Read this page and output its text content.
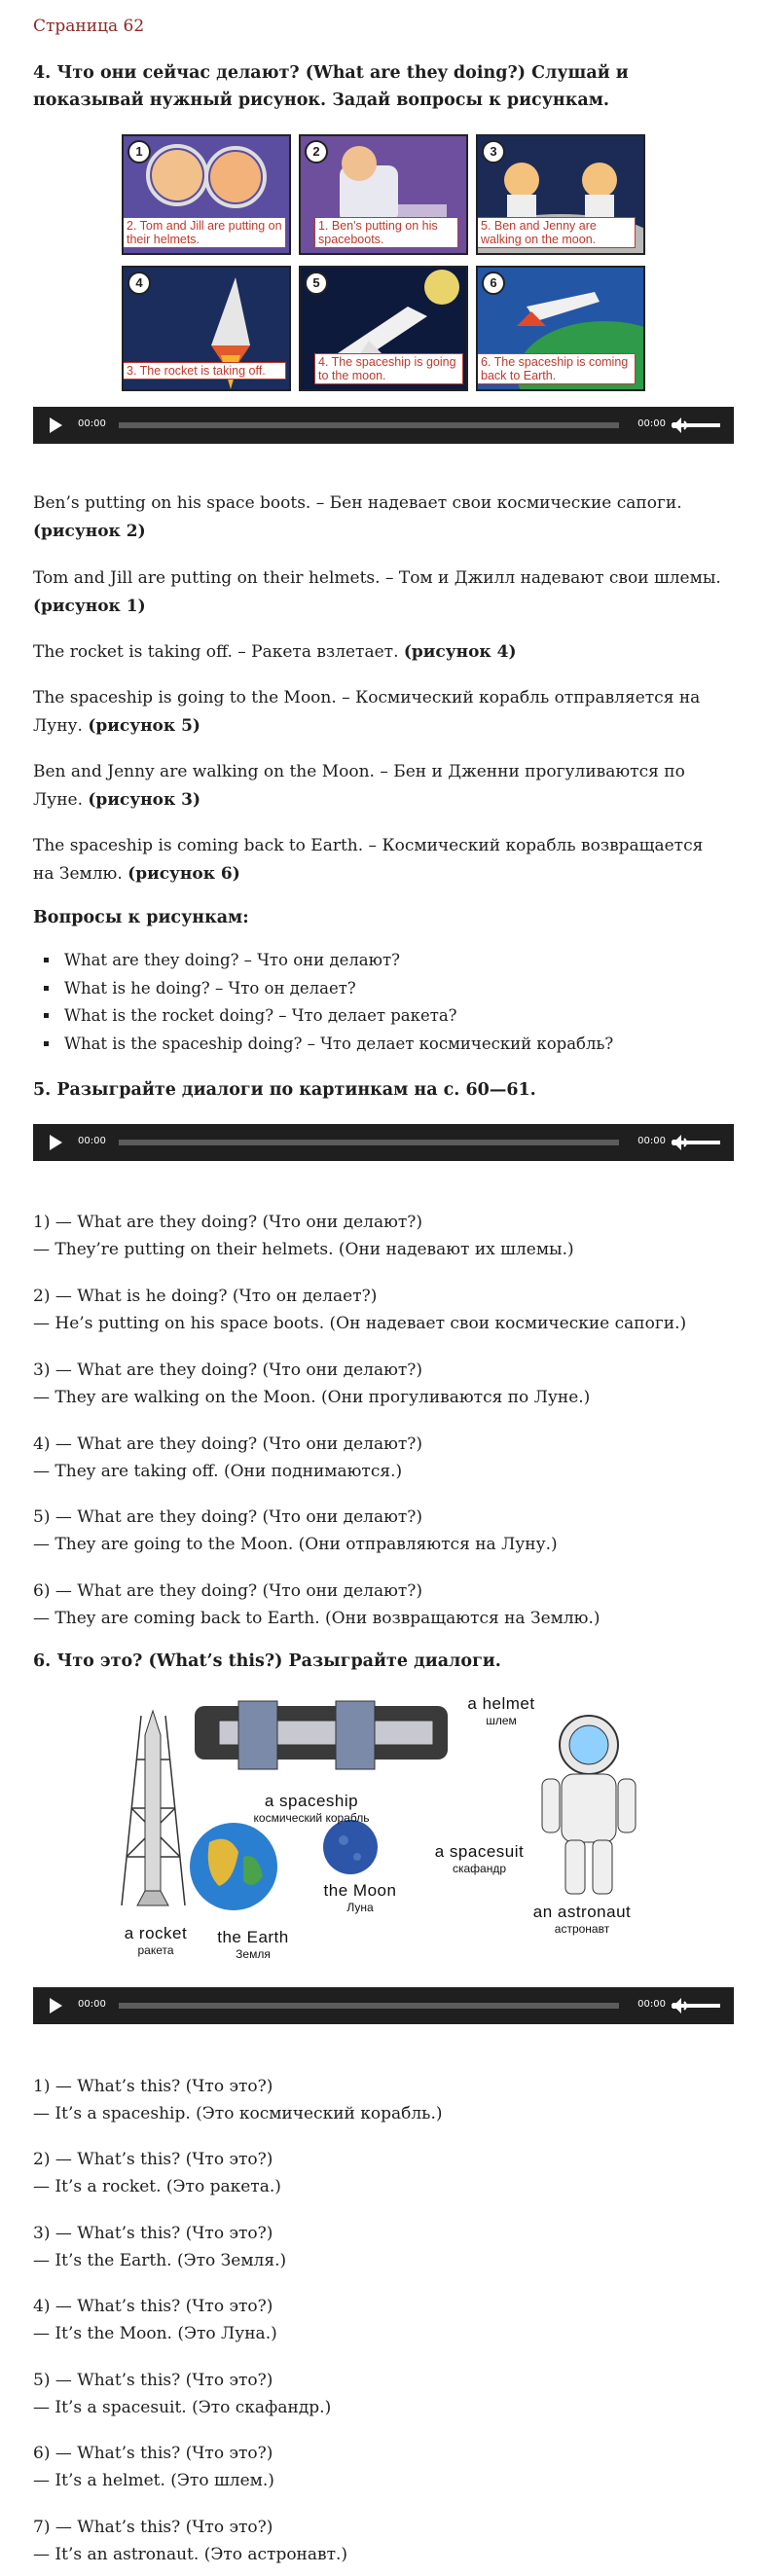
Страница 62
4. Что они сейчас делают? (What are they doing?) Слушай и показывай нужный рисунок. Задай вопросы к рисункам.
1
2. Tom and Jill are putting on their helmets.
2
1. Ben's putting on his spaceboots.
3
5. Ben and Jenny are walking on the moon.
4
3. The rocket is taking off.
5
4. The spaceship is going to the moon.
6
6. The spaceship is coming back to Earth.
00:00	00:00
Ben’s putting on his space boots. – Бен надевает свои космические сапоги. (рисунок 2)
Tom and Jill are putting on their helmets. – Том и Джилл надевают свои шлемы. (рисунок 1)
The rocket is taking off. – Ракета взлетает. (рисунок 4)
The spaceship is going to the Moon. – Космический корабль отправляется на Луну. (рисунок 5)
Ben and Jenny are walking on the Moon. – Бен и Дженни прогуливаются по Луне. (рисунок 3)
The spaceship is coming back to Earth. – Космический корабль возвращается на Землю. (рисунок 6)
Вопросы к рисункам:
▪ What are they doing? – Что они делают?
▪ What is he doing? – Что он делает?
▪ What is the rocket doing? – Что делает ракета?
▪ What is the spaceship doing? – Что делает космический корабль?
5. Разыграйте диалоги по картинкам на с. 60—61.
00:00	00:00
1) — What are they doing? (Что они делают?)
— They’re putting on their helmets. (Они надевают их шлемы.)
2) — What is he doing? (Что он делает?)
— He’s putting on his space boots. (Он надевает свои космические сапоги.)
3) — What are they doing? (Что они делают?)
— They are walking on the Moon. (Они прогуливаются по Луне.)
4) — What are they doing? (Что они делают?)
— They are taking off. (Они поднимаются.)
5) — What are they doing? (Что они делают?)
— They are going to the Moon. (Они отправляются на Луну.)
6) — What are they doing? (Что они делают?)
— They are coming back to Earth. (Они возвращаются на Землю.)
6. Что это? (What’s this?) Разыграйте диалоги.
a helmet
шлем
a spaceship
космический корабль
a spacesuit
скафандр
the Moon
Луна	an astronaut
астронавт
a rocket
ракета
the Earth
Земля
00:00	00:00
1) — What’s this? (Что это?)
— It’s a spaceship. (Это космический корабль.)
2) — What’s this? (Что это?)
— It’s a rocket. (Это ракета.)
3) — What’s this? (Что это?)
— It’s the Earth. (Это Земля.)
4) — What’s this? (Что это?)
— It’s the Moon. (Это Луна.)
5) — What’s this? (Что это?)
— It’s a spacesuit. (Это скафандр.)
6) — What’s this? (Что это?)
— It’s a helmet. (Это шлем.)
7) — What’s this? (Что это?)
— It’s an astronaut. (Это астронавт.)
